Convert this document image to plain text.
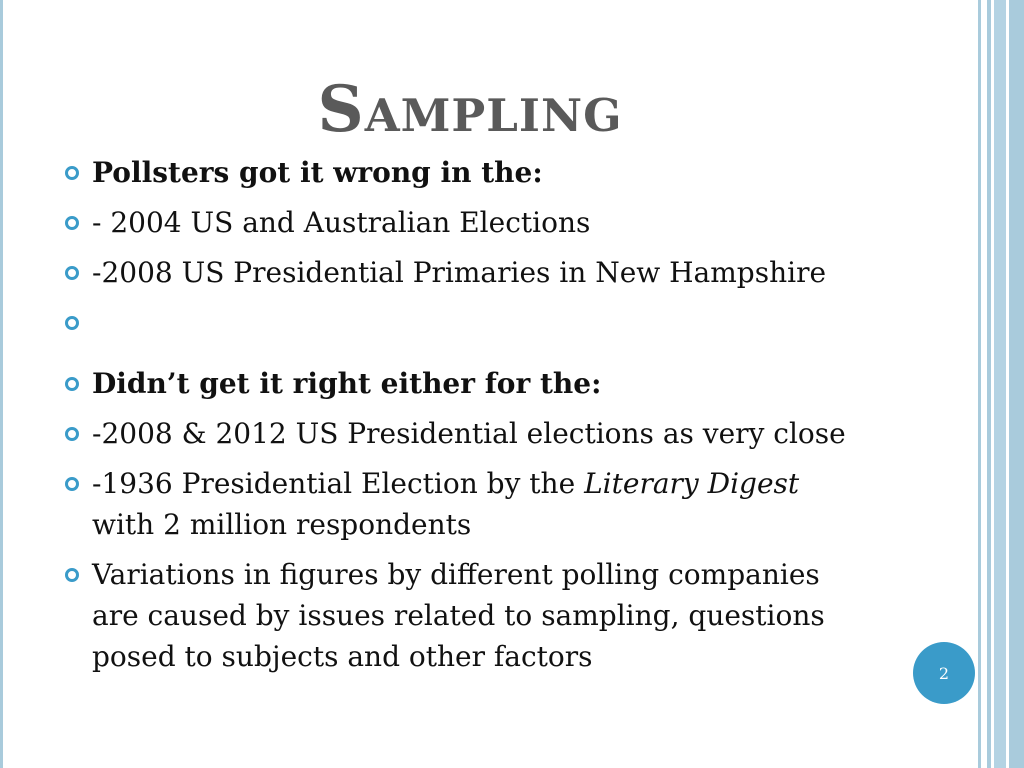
Sampling
Pollsters got it wrong in the:
- 2004 US and Australian Elections
-2008 US Presidential Primaries in New Hampshire
Didn’t get it right either for the:
-2008 & 2012 US Presidential elections as very close
-1936 Presidential Election by the Literary Digest with 2 million respondents
Variations in figures by different polling companies are caused by issues related to sampling, questions posed to subjects and other factors	2
